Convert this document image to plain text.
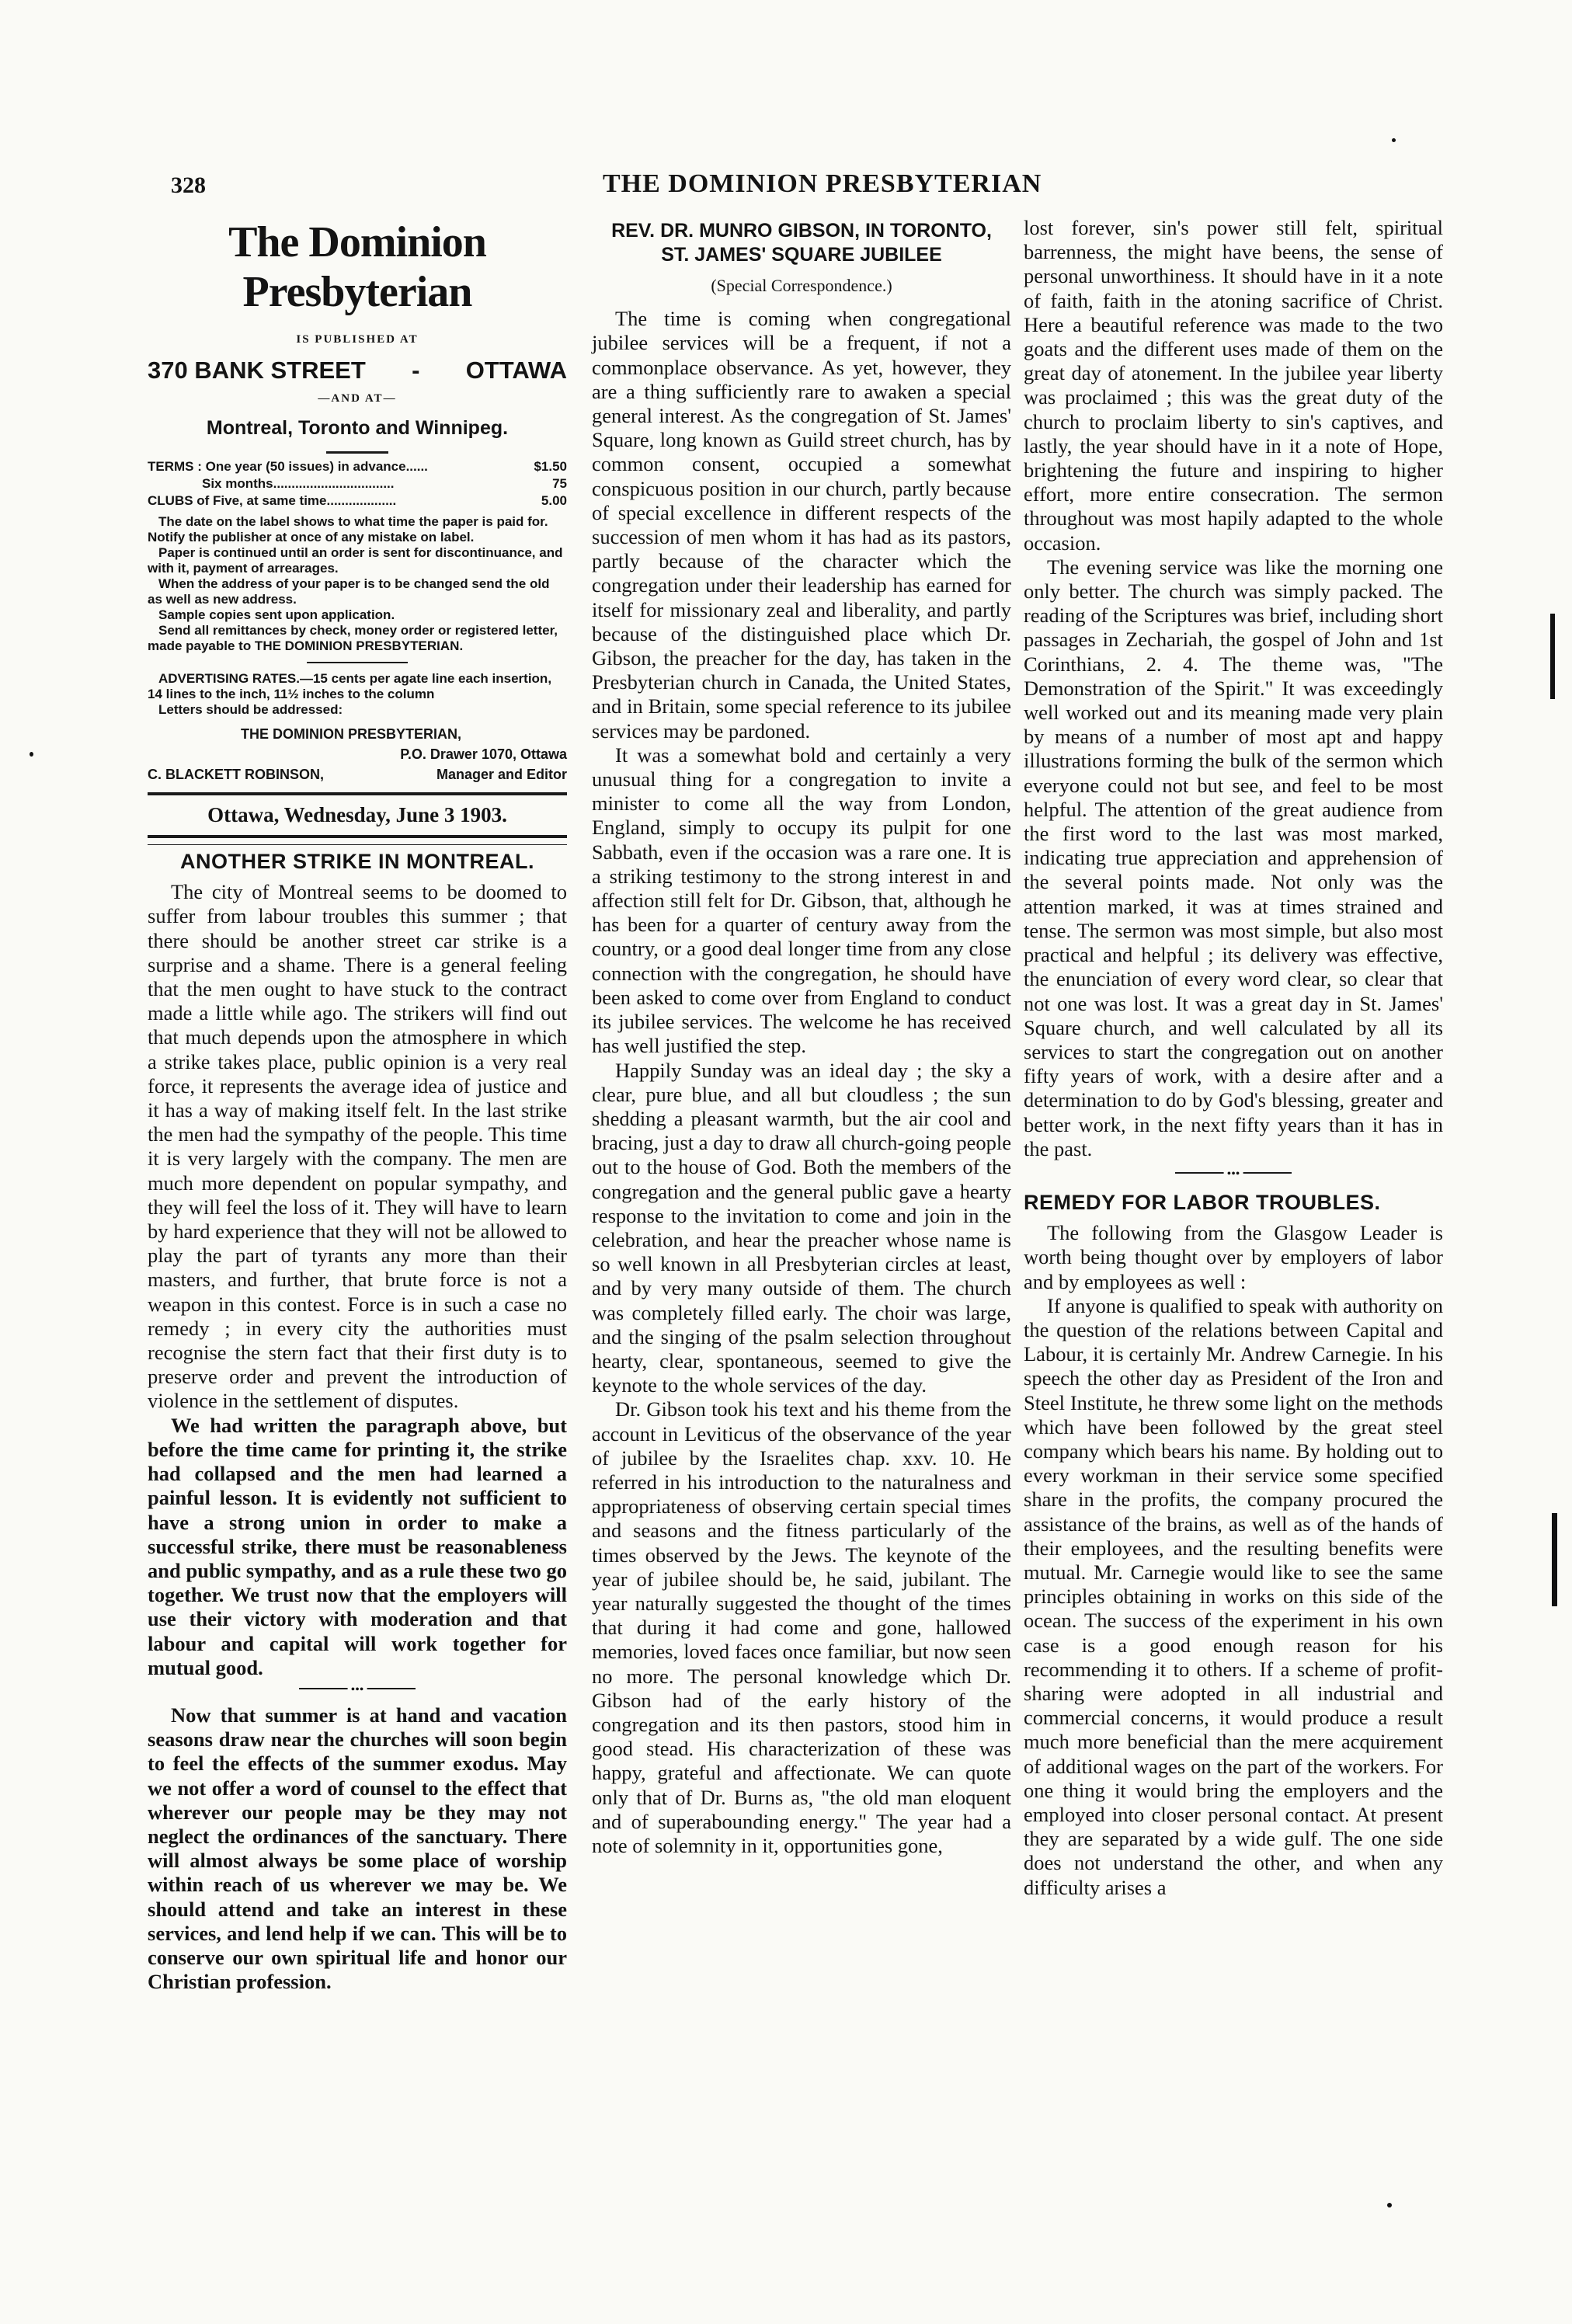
328	THE DOMINION PRESBYTERIAN
The Dominion Presbyterian
IS PUBLISHED AT
370 BANK STREET - OTTAWA
—AND AT—
Montreal, Toronto and Winnipeg.
TERMS : One year (50 issues) in advance......	$1.50
Six months.................................	75
CLUBS of Five, at same time...................	5.00
The date on the label shows to what time the paper is paid for. Notify the publisher at once of any mistake on label.
Paper is continued until an order is sent for discontinuance, and with it, payment of arrearages.
When the address of your paper is to be changed send the old as well as new address.
Sample copies sent upon application.
Send all remittances by check, money order or registered letter, made payable to THE DOMINION PRESBYTERIAN.
ADVERTISING RATES.—15 cents per agate line each insertion, 14 lines to the inch, 11½ inches to the column
Letters should be addressed:
THE DOMINION PRESBYTERIAN,
P.O. Drawer 1070, Ottawa
C. BLACKETT ROBINSON,	Manager and Editor
Ottawa, Wednesday, June 3 1903.
ANOTHER STRIKE IN MONTREAL.

The city of Montreal seems to be doomed to suffer from labour troubles this summer ; that there should be another street car strike is a surprise and a shame. There is a general feeling that the men ought to have stuck to the contract made a little while ago. The strikers will find out that much depends upon the atmosphere in which a strike takes place, public opinion is a very real force, it represents the average idea of justice and it has a way of making itself felt. In the last strike the men had the sympathy of the people. This time it is very largely with the company. The men are much more dependent on popular sympathy, and they will feel the loss of it. They will have to learn by hard experience that they will not be allowed to play the part of tyrants any more than their masters, and further, that brute force is not a weapon in this contest. Force is in such a case no remedy ; in every city the authorities must recognise the stern fact that their first duty is to preserve order and prevent the introduction of violence in the settlement of disputes.

We had written the paragraph above, but before the time came for printing it, the strike had collapsed and the men had learned a painful lesson. It is evidently not sufficient to have a strong union in order to make a successful strike, there must be reasonableness and public sympathy, and as a rule these two go together. We trust now that the employers will use their victory with moderation and that labour and capital will work together for mutual good.

•••

Now that summer is at hand and vacation seasons draw near the churches will soon begin to feel the effects of the summer exodus. May we not offer a word of counsel to the effect that wherever our people may be they may not neglect the ordinances of the sanctuary. There will almost always be some place of worship within reach of us wherever we may be. We should attend and take an interest in these services, and lend help if we can. This will be to conserve our own spiritual life and honor our Christian profession.

REV. DR. MUNRO GIBSON, IN TORONTO,
ST. JAMES' SQUARE JUBILEE
(Special Correspondence.)

The time is coming when congregational jubilee services will be a frequent, if not a commonplace observance. As yet, however, they are a thing sufficiently rare to awaken a special general interest. As the congregation of St. James' Square, long known as Guild street church, has by common consent, occupied a somewhat conspicuous position in our church, partly because of special excellence in different respects of the succession of men whom it has had as its pastors, partly because of the character which the congregation under their leadership has earned for itself for missionary zeal and liberality, and partly because of the distinguished place which Dr. Gibson, the preacher for the day, has taken in the Presbyterian church in Canada, the United States, and in Britain, some special reference to its jubilee services may be pardoned.

It was a somewhat bold and certainly a very unusual thing for a congregation to invite a minister to come all the way from London, England, simply to occupy its pulpit for one Sabbath, even if the occasion was a rare one. It is a striking testimony to the strong interest in and affection still felt for Dr. Gibson, that, although he has been for a quarter of century away from the country, or a good deal longer time from any close connection with the congregation, he should have been asked to come over from England to conduct its jubilee services. The welcome he has received has well justified the step.

Happily Sunday was an ideal day ; the sky a clear, pure blue, and all but cloudless ; the sun shedding a pleasant warmth, but the air cool and bracing, just a day to draw all church-going people out to the house of God. Both the members of the congregation and the general public gave a hearty response to the invitation to come and join in the celebration, and hear the preacher whose name is so well known in all Presbyterian circles at least, and by very many outside of them. The church was completely filled early. The choir was large, and the singing of the psalm selection throughout hearty, clear, spontaneous, seemed to give the keynote to the whole services of the day.

Dr. Gibson took his text and his theme from the account in Leviticus of the observance of the year of jubilee by the Israelites chap. xxv. 10. He referred in his introduction to the naturalness and appropriateness of observing certain special times and seasons and the fitness particularly of the times observed by the Jews. The keynote of the year of jubilee should be, he said, jubilant. The year naturally suggested the thought of the times that during it had come and gone, hallowed memories, loved faces once familiar, but now seen no more. The personal knowledge which Dr. Gibson had of the early history of the congregation and its then pastors, stood him in good stead. His characterization of these was happy, grateful and affectionate. We can quote only that of Dr. Burns as, "the old man eloquent and of superabounding energy." The year had a note of solemnity in it, opportunities gone,

lost forever, sin's power still felt, spiritual barrenness, the might have beens, the sense of personal unworthiness. It should have in it a note of faith, faith in the atoning sacrifice of Christ. Here a beautiful reference was made to the two goats and the different uses made of them on the great day of atonement. In the jubilee year liberty was proclaimed ; this was the great duty of the church to proclaim liberty to sin's captives, and lastly, the year should have in it a note of Hope, brightening the future and inspiring to higher effort, more entire consecration. The sermon throughout was most hapily adapted to the whole occasion.

The evening service was like the morning one only better. The church was simply packed. The reading of the Scriptures was brief, including short passages in Zechariah, the gospel of John and 1st Corinthians, 2. 4. The theme was, "The Demonstration of the Spirit." It was exceedingly well worked out and its meaning made very plain by means of a number of most apt and happy illustrations forming the bulk of the sermon which everyone could not but see, and feel to be most helpful. The attention of the great audience from the first word to the last was most marked, indicating true appreciation and apprehension of the several points made. Not only was the attention marked, it was at times strained and tense. The sermon was most simple, but also most practical and helpful ; its delivery was effective, the enunciation of every word clear, so clear that not one was lost. It was a great day in St. James' Square church, and well calculated by all its services to start the congregation out on another fifty years of work, with a desire after and a determination to do by God's blessing, greater and better work, in the next fifty years than it has in the past.

•••
REMEDY FOR LABOR TROUBLES.

The following from the Glasgow Leader is worth being thought over by employers of labor and by employees as well :

If anyone is qualified to speak with authority on the question of the relations between Capital and Labour, it is certainly Mr. Andrew Carnegie. In his speech the other day as President of the Iron and Steel Institute, he threw some light on the methods which have been followed by the great steel company which bears his name. By holding out to every workman in their service some specified share in the profits, the company procured the assistance of the brains, as well as of the hands of their employees, and the resulting benefits were mutual. Mr. Carnegie would like to see the same principles obtaining in works on this side of the ocean. The success of the experiment in his own case is a good enough reason for his recommending it to others. If a scheme of profit-sharing were adopted in all industrial and commercial concerns, it would produce a result much more beneficial than the mere acquirement of additional wages on the part of the workers. For one thing it would bring the employers and the employed into closer personal contact. At present they are separated by a wide gulf. The one side does not understand the other, and when any difficulty arises a
